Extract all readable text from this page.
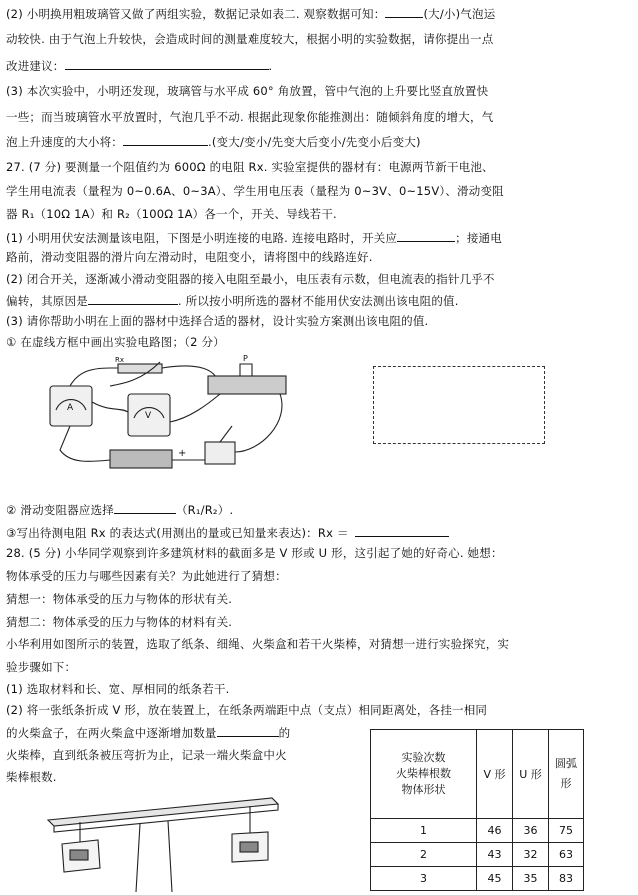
(2) 小明换用粗玻璃管又做了两组实验，数据记录如表二. 观察数据可知：	(大/小)气泡运
动较快. 由于气泡上升较快，会造成时间的测量难度较大，根据小明的实验数据，请你提出一点
改进建议：	.
(3) 本次实验中，小明还发现，玻璃管与水平成 60° 角放置，管中气泡的上升要比竖直放置快
一些；而当玻璃管水平放置时，气泡几乎不动. 根据此现象你能推测出：随倾斜角度的增大，气
泡上升速度的大小将：	.(变大/变小/先变大后变小/先变小后变大)
27. (7 分) 要测量一个阻值约为 600Ω 的电阻 Rx. 实验室提供的器材有：电源两节新干电池、
学生用电流表（量程为 0~0.6A、0~3A）、学生用电压表（量程为 0~3V、0~15V）、滑动变阻
器 R₁（10Ω 1A）和 R₂（100Ω 1A）各一个，开关、导线若干.
(1) 小明用伏安法测量该电阻，下图是小明连接的电路. 连接电路时，开关应	；接通电
路前，滑动变阻器的滑片向左滑动时，电阻变小，请将图中的线路连好.
(2) 闭合开关，逐渐减小滑动变阻器的接入电阻至最小，电压表有示数，但电流表的指针几乎不
偏转，其原因是	. 所以按小明所选的器材不能用伏安法测出该电阻的值.
(3) 请你帮助小明在上面的器材中选择合适的器材，设计实验方案测出该电阻的值.
① 在虚线方框中画出实验电路图；（2 分）
Rx
A
V
P
+
② 滑动变阻器应选择	（R₁/R₂）.
③写出待测电阻 Rx 的表达式(用测出的量或已知量来表达)：Rx ＝
28. (5 分) 小华同学观察到许多建筑材料的截面多是 V 形或 U 形，这引起了她的好奇心. 她想：
物体承受的压力与哪些因素有关？为此她进行了猜想：
猜想一：物体承受的压力与物体的形状有关.
猜想二：物体承受的压力与物体的材料有关.
小华利用如图所示的装置，选取了纸条、细绳、火柴盒和若干火柴棒，对猜想一进行实验探究，实
验步骤如下：
(1) 选取材料和长、宽、厚相同的纸条若干.
(2) 将一张纸条折成 V 形，放在装置上，在纸条两端距中点（支点）相同距离处，各挂一相同
的火柴盒子，在两火柴盒中逐渐增加数量	的
火柴棒，直到纸条被压弯折为止，记录一端火柴盒中火
柴棒根数.
实验次数
火柴棒根数
物体形状	V 形	U 形	圆弧形
1	46	36	75
2	43	32	63
3	45	35	83
